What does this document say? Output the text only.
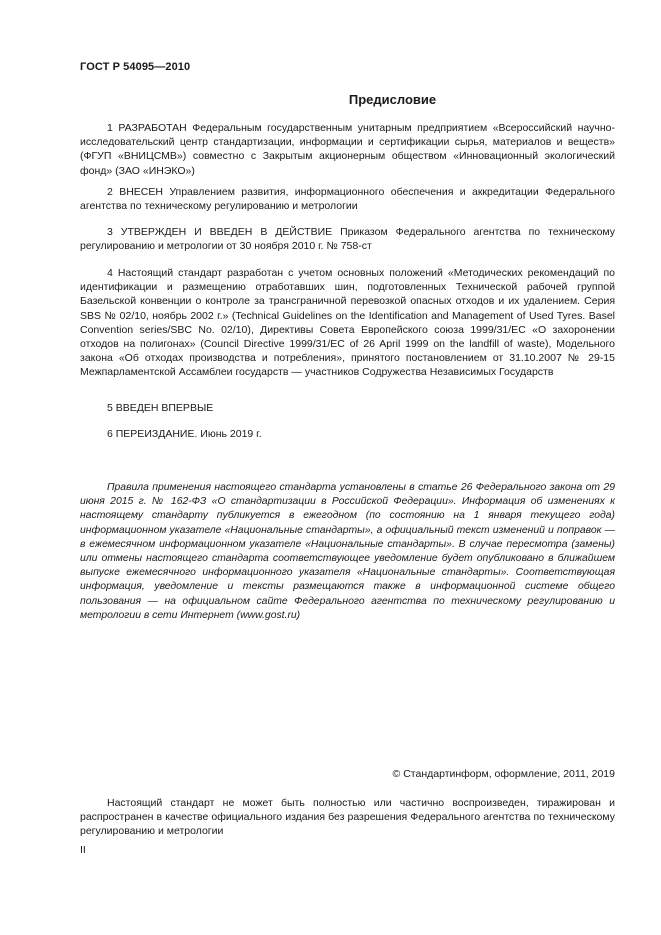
ГОСТ Р 54095—2010
Предисловие

1 РАЗРАБОТАН Федеральным государственным унитарным предприятием «Всероссийский научно-исследовательский центр стандартизации, информации и сертификации сырья, материалов и веществ» (ФГУП «ВНИЦСМВ») совместно с Закрытым акционерным обществом «Инновационный экологический фонд» (ЗАО «ИНЭКО»)

2 ВНЕСЕН Управлением развития, информационного обеспечения и аккредитации Федерального агентства по техническому регулированию и метрологии

3 УТВЕРЖДЕН И ВВЕДЕН В ДЕЙСТВИЕ Приказом Федерального агентства по техническому регулированию и метрологии от 30 ноября 2010 г. № 758-ст

4 Настоящий стандарт разработан с учетом основных положений «Методических рекомендаций по идентификации и размещению отработавших шин, подготовленных Технической рабочей группой Базельской конвенции о контроле за трансграничной перевозкой опасных отходов и их удалением. Серия SBS № 02/10, ноябрь 2002 г.» (Technical Guidelines on the Identification and Management of Used Tyres. Basel Convention series/SBC No. 02/10), Директивы Совета Европейского союза 1999/31/ЕС «О захоронении отходов на полигонах» (Council Directive 1999/31/EC of 26 April 1999 on the landfill of waste), Модельного закона «Об отходах производства и потребления», принятого постановлением от 31.10.2007 № 29-15 Межпарламентской Ассамблеи государств — участников Содружества Независимых Государств

5 ВВЕДЕН ВПЕРВЫЕ

6 ПЕРЕИЗДАНИЕ. Июнь 2019 г.

Правила применения настоящего стандарта установлены в статье 26 Федерального закона от 29 июня 2015 г. № 162-ФЗ «О стандартизации в Российской Федерации». Информация об изменениях к настоящему стандарту публикуется в ежегодном (по состоянию на 1 января текущего года) информационном указателе «Национальные стандарты», а официальный текст изменений и поправок — в ежемесячном информационном указателе «Национальные стандарты». В случае пересмотра (замены) или отмены настоящего стандарта соответствующее уведомление будет опубликовано в ближайшем выпуске ежемесячного информационного указателя «Национальные стандарты». Соответствующая информация, уведомление и тексты размещаются также в информационной системе общего пользования — на официальном сайте Федерального агентства по техническому регулированию и метрологии в сети Интернет (www.gost.ru)

© Стандартинформ, оформление, 2011, 2019

Настоящий стандарт не может быть полностью или частично воспроизведен, тиражирован и распространен в качестве официального издания без разрешения Федерального агентства по техническому регулированию и метрологии

II
